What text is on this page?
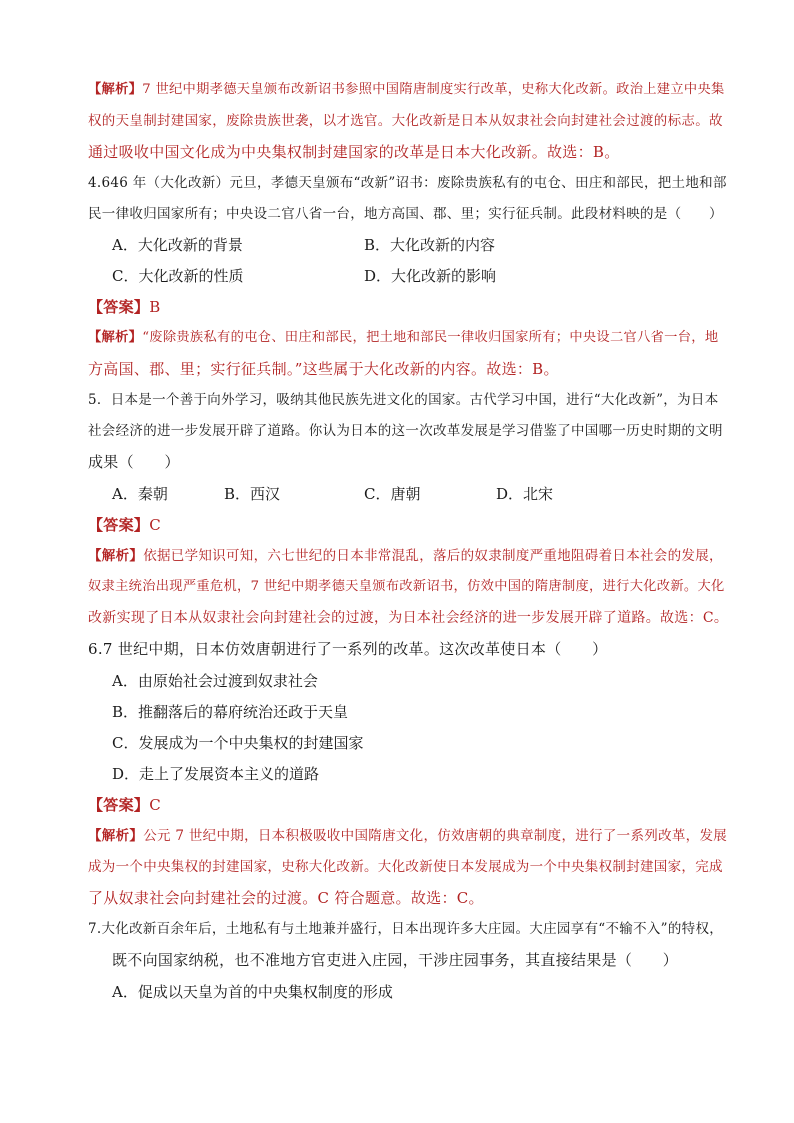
【解析】7 世纪中期孝德天皇颁布改新诏书参照中国隋唐制度实行改革，史称大化改新。政治上建立中央集
权的天皇制封建国家，废除贵族世袭，以才选官。大化改新是日本从奴隶社会向封建社会过渡的标志。故
通过吸收中国文化成为中央集权制封建国家的改革是日本大化改新。故选：B。
4.646 年（大化改新）元旦，孝德天皇颁布“改新”诏书：废除贵族私有的屯仓、田庄和部民，把土地和部
民一律收归国家所有；中央设二官八省一台，地方高国、郡、里；实行征兵制。此段材料映的是（　　）
A．大化改新的背景	B．大化改新的内容
C．大化改新的性质	D．大化改新的影响
【答案】B
【解析】“废除贵族私有的屯仓、田庄和部民，把土地和部民一律收归国家所有；中央设二官八省一台，地
方高国、郡、里；实行征兵制。”这些属于大化改新的内容。故选：B。
5．日本是一个善于向外学习，吸纳其他民族先进文化的国家。古代学习中国，进行“大化改新”，为日本
社会经济的进一步发展开辟了道路。你认为日本的这一次改革发展是学习借鉴了中国哪一历史时期的文明
成果（　　）
A．秦朝	B．西汉	C．唐朝	D．北宋
【答案】C
【解析】依据已学知识可知，六七世纪的日本非常混乱，落后的奴隶制度严重地阻碍着日本社会的发展，
奴隶主统治出现严重危机，7 世纪中期孝德天皇颁布改新诏书，仿效中国的隋唐制度，进行大化改新。大化
改新实现了日本从奴隶社会向封建社会的过渡，为日本社会经济的进一步发展开辟了道路。故选：C。
6.7 世纪中期，日本仿效唐朝进行了一系列的改革。这次改革使日本（　　）
A．由原始社会过渡到奴隶社会
B．推翻落后的幕府统治还政于天皇
C．发展成为一个中央集权的封建国家
D．走上了发展资本主义的道路
【答案】C
【解析】公元 7 世纪中期，日本积极吸收中国隋唐文化，仿效唐朝的典章制度，进行了一系列改革，发展
成为一个中央集权的封建国家，史称大化改新。大化改新使日本发展成为一个中央集权制封建国家，完成
了从奴隶社会向封建社会的过渡。C 符合题意。故选：C。
7.大化改新百余年后，土地私有与土地兼并盛行，日本出现许多大庄园。大庄园享有“不输不入”的特权，
既不向国家纳税，也不准地方官吏进入庄园，干涉庄园事务，其直接结果是（　　）
A．促成以天皇为首的中央集权制度的形成
